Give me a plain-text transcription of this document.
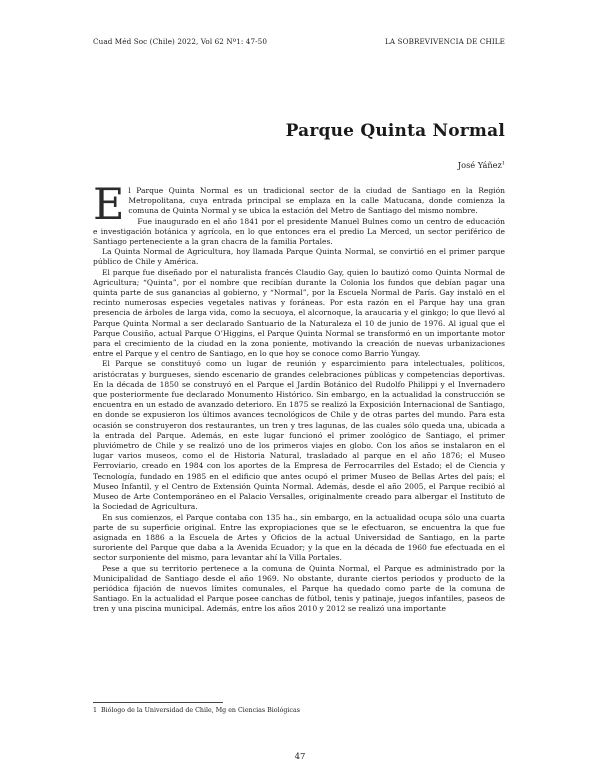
Cuad Méd Soc (Chile) 2022, Vol 62 Nº1: 47-50	LA SOBREVIVENCIA DE CHILE
Parque Quinta Normal
José Yáñez$^1$

El Parque Quinta Normal es un tradicional sector de la ciudad de Santiago en la Región Metropolitana, cuya entrada principal se emplaza en la calle Matucana, donde comienza la comuna de Quinta Normal y se ubica la estación del Metro de Santiago del mismo nombre.

Fue inaugurado en el año 1841 por el presidente Manuel Bulnes como un centro de educación e investigación botánica y agrícola, en lo que entonces era el predio La Merced, un sector periférico de Santiago perteneciente a la gran chacra de la familia Portales.

La Quinta Normal de Agricultura, hoy llamada Parque Quinta Normal, se convirtió en el primer parque público de Chile y América.

El parque fue diseñado por el naturalista francés Claudio Gay, quien lo bautizó como Quinta Normal de Agricultura; “Quinta”, por el nombre que recibían durante la Colonia los fundos que debían pagar una quinta parte de sus ganancias al gobierno, y “Normal”, por la Escuela Normal de París. Gay instaló en el recinto numerosas especies vegetales nativas y foráneas. Por esta razón en el Parque hay una gran presencia de árboles de larga vida, como la secuoya, el alcornoque, la araucaria y el ginkgo; lo que llevó al Parque Quinta Normal a ser declarado Santuario de la Naturaleza el 10 de junio de 1976. Al igual que el Parque Cousiño, actual Parque O’Higgins, el Parque Quinta Normal se transformó en un importante motor para el crecimiento de la ciudad en la zona poniente, motivando la creación de nuevas urbanizaciones entre el Parque y el centro de Santiago, en lo que hoy se conoce como Barrio Yungay.

El Parque se constituyó como un lugar de reunión y esparcimiento para intelectuales, políticos, aristócratas y burgueses, siendo escenario de grandes celebraciones públicas y competencias deportivas. En la década de 1850 se construyó en el Parque el Jardín Botánico del Rudolfo Philippi y el Invernadero que posteriormente fue declarado Monumento Histórico. Sin embargo, en la actualidad la construcción se encuentra en un estado de avanzado deterioro. En 1875 se realizó la Exposición Internacional de Santiago, en donde se expusieron los últimos avances tecnológicos de Chile y de otras partes del mundo. Para esta ocasión se construyeron dos restaurantes, un tren y tres lagunas, de las cuales sólo queda una, ubicada a la entrada del Parque. Además, en este lugar funcionó el primer zoológico de Santiago, el primer pluviómetro de Chile y se realizó uno de los primeros viajes en globo. Con los años se instalaron en el lugar varios museos, como el de Historia Natural, trasladado al parque en el año 1876; el Museo Ferroviario, creado en 1984 con los aportes de la Empresa de Ferrocarriles del Estado; el de Ciencia y Tecnología, fundado en 1985 en el edificio que antes ocupó el primer Museo de Bellas Artes del país; el Museo Infantil, y el Centro de Extensión Quinta Normal. Además, desde el año 2005, el Parque recibió al Museo de Arte Contemporáneo en el Palacio Versalles, originalmente creado para albergar el Instituto de la Sociedad de Agricultura.

En sus comienzos, el Parque contaba con 135 ha., sin embargo, en la actualidad ocupa sólo una cuarta parte de su superficie original. Entre las expropiaciones que se le efectuaron, se encuentra la que fue asignada en 1886 a la Escuela de Artes y Oficios de la actual Universidad de Santiago, en la parte suroriente del Parque que daba a la Avenida Ecuador; y la que en la década de 1960 fue efectuada en el sector surponiente del mismo, para levantar ahí la Villa Portales.

Pese a que su territorio pertenece a la comuna de Quinta Normal, el Parque es administrado por la Municipalidad de Santiago desde el año 1969. No obstante, durante ciertos periodos y producto de la periódica fijación de nuevos límites comunales, el Parque ha quedado como parte de la comuna de Santiago. En la actualidad el Parque posee canchas de fútbol, tenis y patinaje, juegos infantiles, paseos de tren y una piscina municipal. Además, entre los años 2010 y 2012 se realizó una importante

1 Biólogo de la Universidad de Chile, Mg en Ciencias Biológicas
47
